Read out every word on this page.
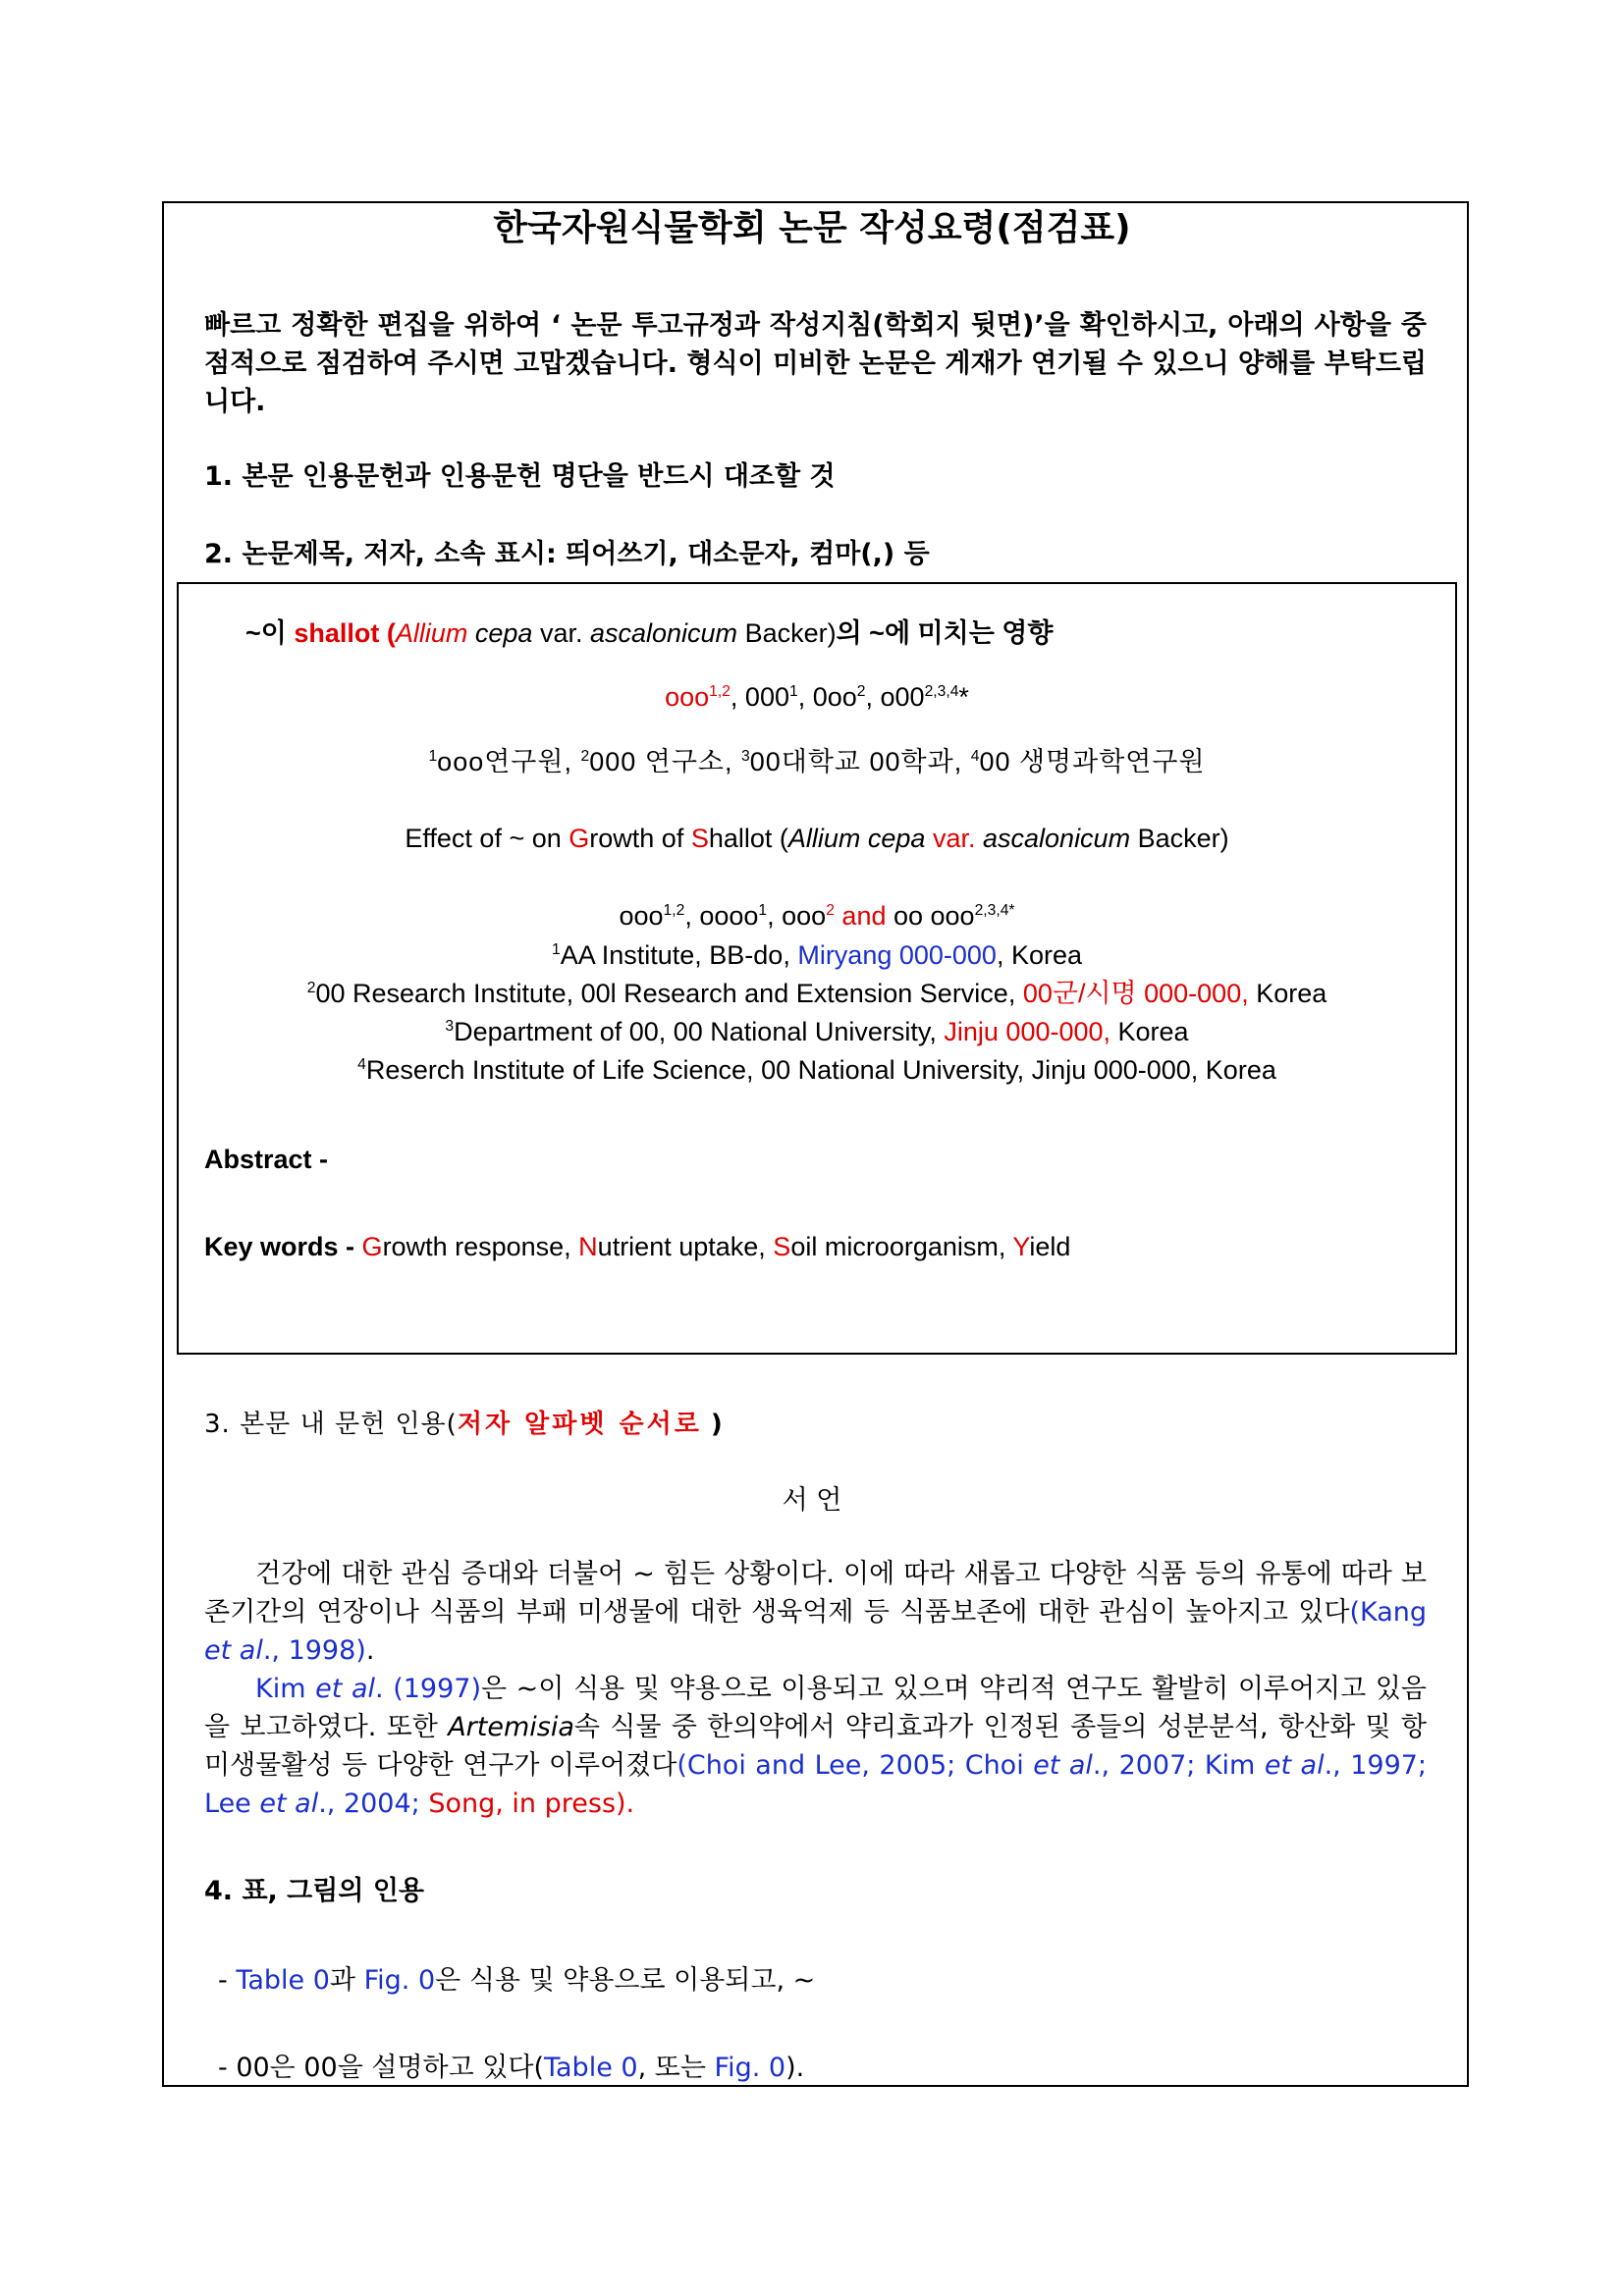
한국자원식물학회 논문 작성요령(점검표)
빠르고 정확한 편집을 위하여 ‘ 논문 투고규정과 작성지침(학회지 뒷면)’을 확인하시고, 아래의 사항을 중점적으로 점검하여 주시면 고맙겠습니다. 형식이 미비한 논문은 게재가 연기될 수 있으니 양해를 부탁드립니다.
1. 본문 인용문헌과 인용문헌 명단을 반드시 대조할 것
2. 논문제목, 저자, 소속 표시: 띄어쓰기, 대소문자, 컴마(,) 등
~이 shallot (Allium cepa var. ascalonicum Backer)의 ~에 미치는 영향
ooo$^{1,2}$, $000^1$, $0oo^2$, o00$^{2,3,4}$*
$^1$ooo연구원, $^2$000 연구소, $^3$00대학교 00학과, $^4$00 생명과학연구원
Effect of ~ on Growth of Shallot (Allium cepa var. ascalonicum Backer)
ooo$^{1,2}$, oooo$^1$, ooo$^2$ and oo ooo$^{2,3,4*}$
$^1$AA Institute, BB-do, Miryang 000-000, Korea
$^2$00 Research Institute, 00l Research and Extension Service, 00군/시명 000-000, Korea
$^3$Department of 00, 00 National University, Jinju 000-000, Korea
$^4$Reserch Institute of Life Science, 00 National University, Jinju 000-000, Korea
Abstract -
Key words - Growth response, Nutrient uptake, Soil microorganism, Yield
3. 본문 내 문헌 인용(저자 알파벳 순서로 )
서 언
건강에 대한 관심 증대와 더불어 ~ 힘든 상황이다. 이에 따라 새롭고 다양한 식품 등의 유통에 따라 보존기간의 연장이나 식품의 부패 미생물에 대한 생육억제 등 식품보존에 대한 관심이 높아지고 있다(Kang et al., 1998).
Kim et al. (1997)은 ~이 식용 및 약용으로 이용되고 있으며 약리적 연구도 활발히 이루어지고 있음을 보고하였다. 또한 Artemisia속 식물 중 한의약에서 약리효과가 인정된 종들의 성분분석, 항산화 및 항미생물활성 등 다양한 연구가 이루어졌다(Choi and Lee, 2005; Choi et al., 2007; Kim et al., 1997; Lee et al., 2004; Song, in press).
4. 표, 그림의 인용
- Table 0과 Fig. 0은 식용 및 약용으로 이용되고, ~
- 00은 00을 설명하고 있다(Table 0, 또는 Fig. 0).
